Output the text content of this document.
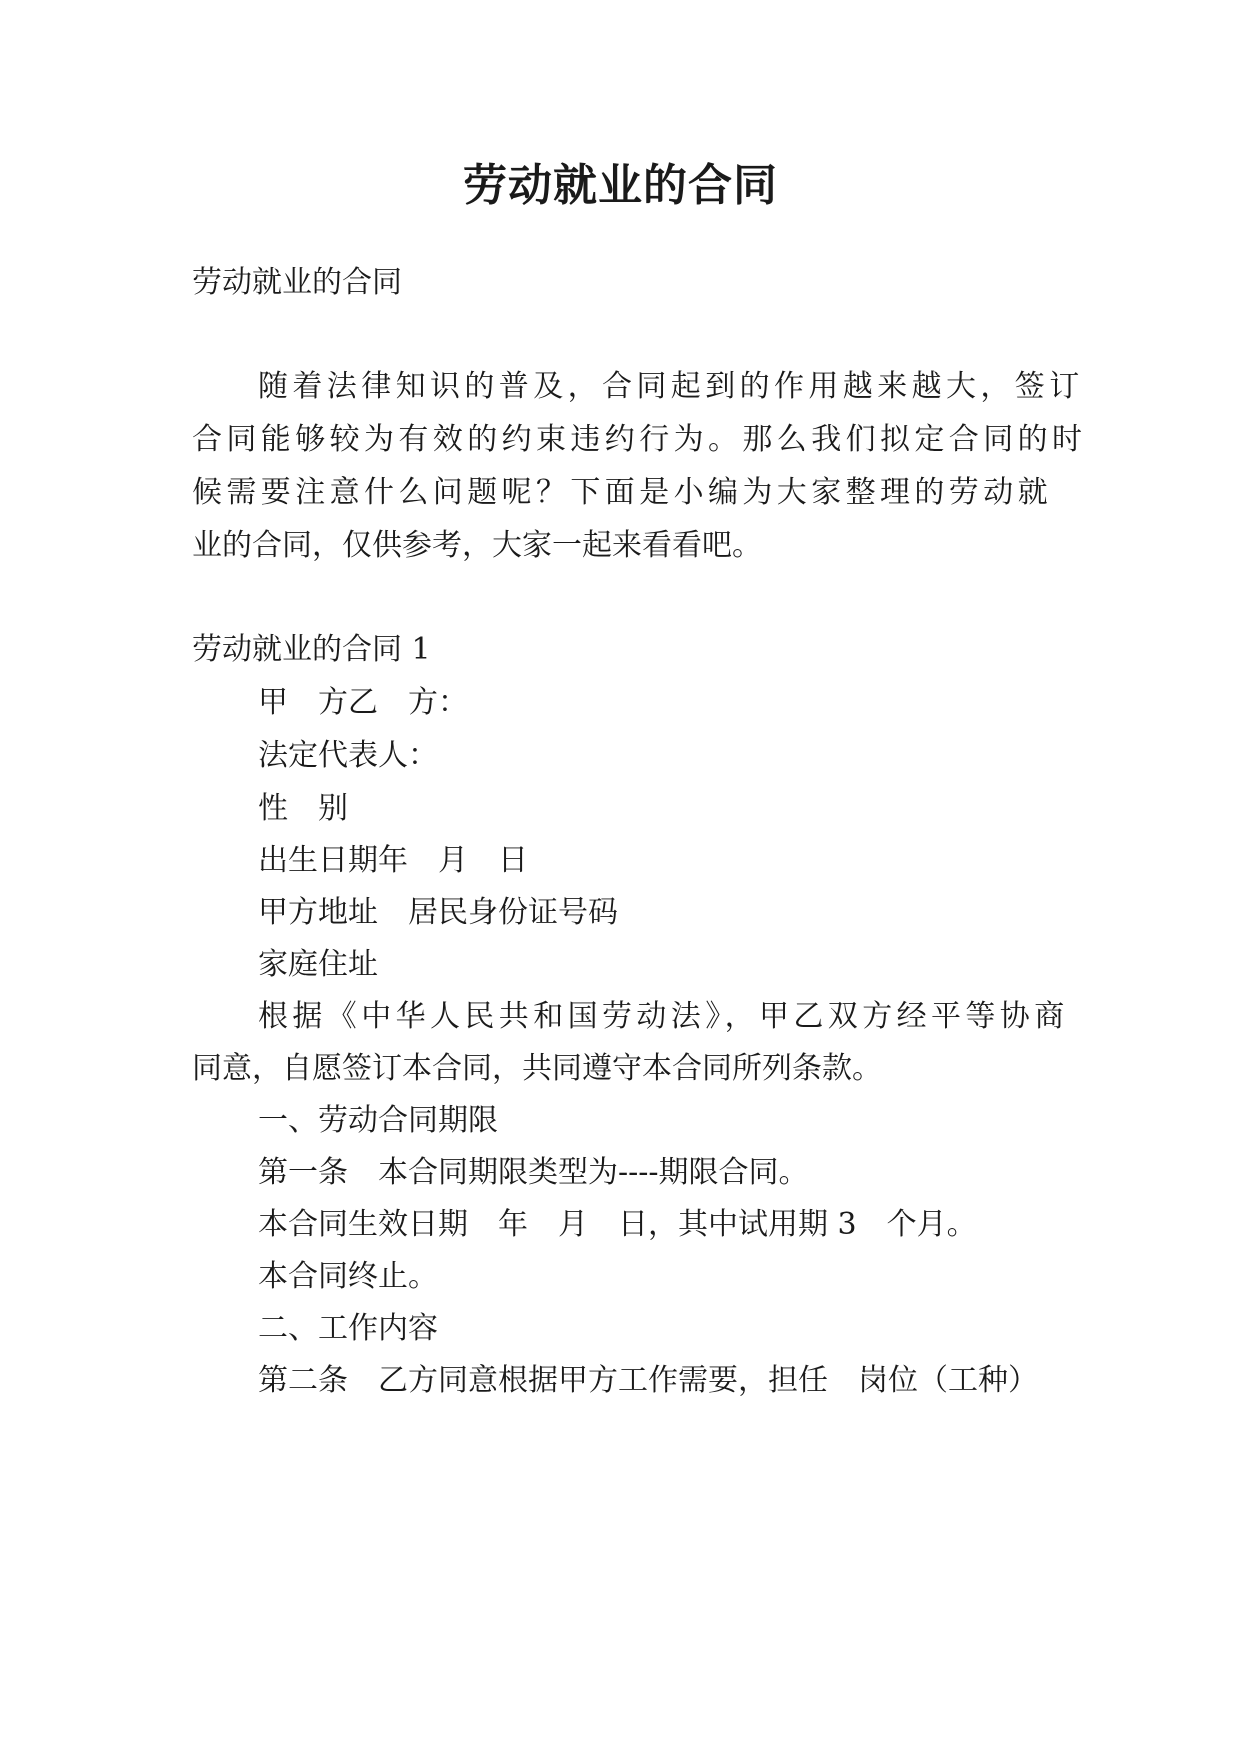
劳动就业的合同
劳动就业的合同
随着法律知识的普及，合同起到的作用越来越大，签订
合同能够较为有效的约束违约行为。那么我们拟定合同的时
候需要注意什么问题呢？下面是小编为大家整理的劳动就
业的合同，仅供参考，大家一起来看看吧。
劳动就业的合同 1
甲　方乙　方：
法定代表人：
性　别
出生日期年　月　日
甲方地址　居民身份证号码
家庭住址
根据《中华人民共和国劳动法》，甲乙双方经平等协商
同意，自愿签订本合同，共同遵守本合同所列条款。
一、劳动合同期限
第一条　本合同期限类型为----期限合同。
本合同生效日期　年　月　日，其中试用期 3　个月。
本合同终止。
二、工作内容
第二条　乙方同意根据甲方工作需要，担任　岗位（工种）
